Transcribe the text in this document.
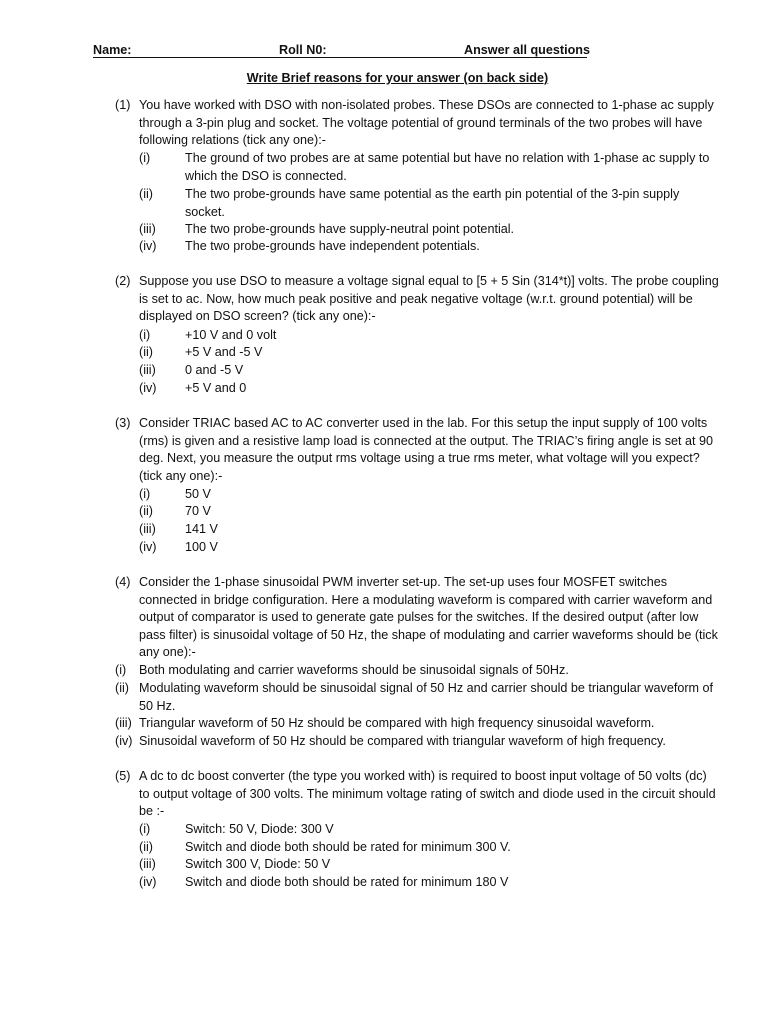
Name:	Roll N0:	Answer all questions
Write Brief reasons for your answer (on back side)
(1) You have worked with DSO with non-isolated probes. These DSOs are connected to 1-phase ac supply through a 3-pin plug and socket. The voltage potential of ground terminals of the two probes will have following relations (tick any one):-
(i)	The ground of two probes are at same potential but have no relation with 1-phase ac supply to which the DSO is connected.
(ii)	The two probe-grounds have same potential as the earth pin potential of the 3-pin supply socket.
(iii) The two probe-grounds have supply-neutral point potential.
(iv) The two probe-grounds have independent potentials.
(2) Suppose you use DSO to measure a voltage signal equal to [5 + 5 Sin (314*t)] volts. The probe coupling is set to ac. Now, how much peak positive and peak negative voltage (w.r.t. ground potential) will be displayed on DSO screen? (tick any one):-
(i)	+10 V and 0 volt
(ii)	+5 V and -5 V
(iii) 0 and -5 V
(iv) +5 V and 0
(3) Consider TRIAC based AC to AC converter used in the lab. For this setup the input supply of 100 volts (rms) is given and a resistive lamp load is connected at the output. The TRIAC’s firing angle is set at 90 deg. Next, you measure the output rms voltage using a true rms meter, what voltage will you expect? (tick any one):-
(i)	50 V
(ii)	70 V
(iii) 141 V
(iv) 100 V
(4) Consider the 1-phase sinusoidal PWM inverter set-up. The set-up uses four MOSFET switches connected in bridge configuration. Here a modulating waveform is compared with carrier waveform and output of comparator is used to generate gate pulses for the switches. If the desired output (after low pass filter) is sinusoidal voltage of 50 Hz, the shape of modulating and carrier waveforms should be (tick any one):-
(i) Both modulating and carrier waveforms should be sinusoidal signals of 50Hz.
(ii) Modulating waveform should be sinusoidal signal of 50 Hz and carrier should be triangular waveform of 50 Hz.
(iii) Triangular waveform of 50 Hz should be compared with high frequency sinusoidal waveform.
(iv) Sinusoidal waveform of 50 Hz should be compared with triangular waveform of high frequency.
(5) A dc to dc boost converter (the type you worked with) is required to boost input voltage of 50 volts (dc) to output voltage of 300 volts. The minimum voltage rating of switch and diode used in the circuit should be :-
(i)	Switch: 50 V, Diode: 300 V
(ii)	Switch and diode both should be rated for minimum 300 V.
(iii) Switch 300 V, Diode: 50 V
(iv) Switch and diode both should be rated for minimum 180 V
